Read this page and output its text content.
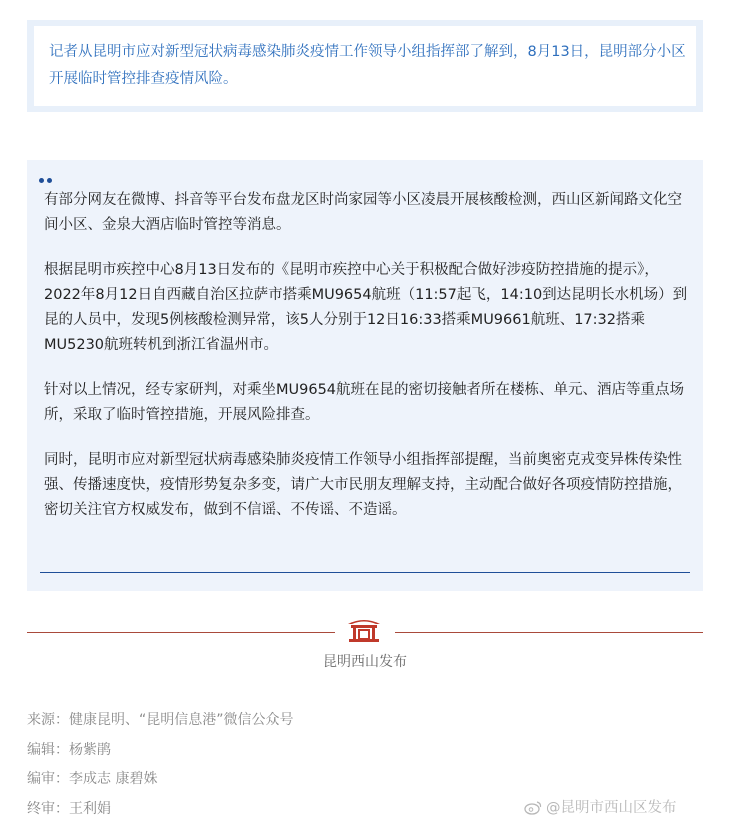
记者从昆明市应对新型冠状病毒感染肺炎疫情工作领导小组指挥部了解到，8月13日，昆明部分小区开展临时管控排查疫情风险。

有部分网友在微博、抖音等平台发布盘龙区时尚家园等小区凌晨开展核酸检测，西山区新闻路文化空间小区、金泉大酒店临时管控等消息。

根据昆明市疾控中心8月13日发布的《昆明市疾控中心关于积极配合做好涉疫防控措施的提示》，2022年8月12日自西藏自治区拉萨市搭乘MU9654航班（11:57起飞，14:10到达昆明长水机场）到昆的人员中，发现5例核酸检测异常，该5人分别于12日16:33搭乘MU9661航班、17:32搭乘MU5230航班转机到浙江省温州市。

针对以上情况，经专家研判，对乘坐MU9654航班在昆的密切接触者所在楼栋、单元、酒店等重点场所，采取了临时管控措施，开展风险排查。

同时，昆明市应对新型冠状病毒感染肺炎疫情工作领导小组指挥部提醒，当前奥密克戎变异株传染性强、传播速度快，疫情形势复杂多变，请广大市民朋友理解支持，主动配合做好各项疫情防控措施，密切关注官方权威发布，做到不信谣、不传谣、不造谣。

昆明西山发布
来源：健康昆明、“昆明信息港”微信公众号
编辑：杨紫鹃
编审：李成志 康碧姝
终审：王利娟	@昆明市西山区发布
